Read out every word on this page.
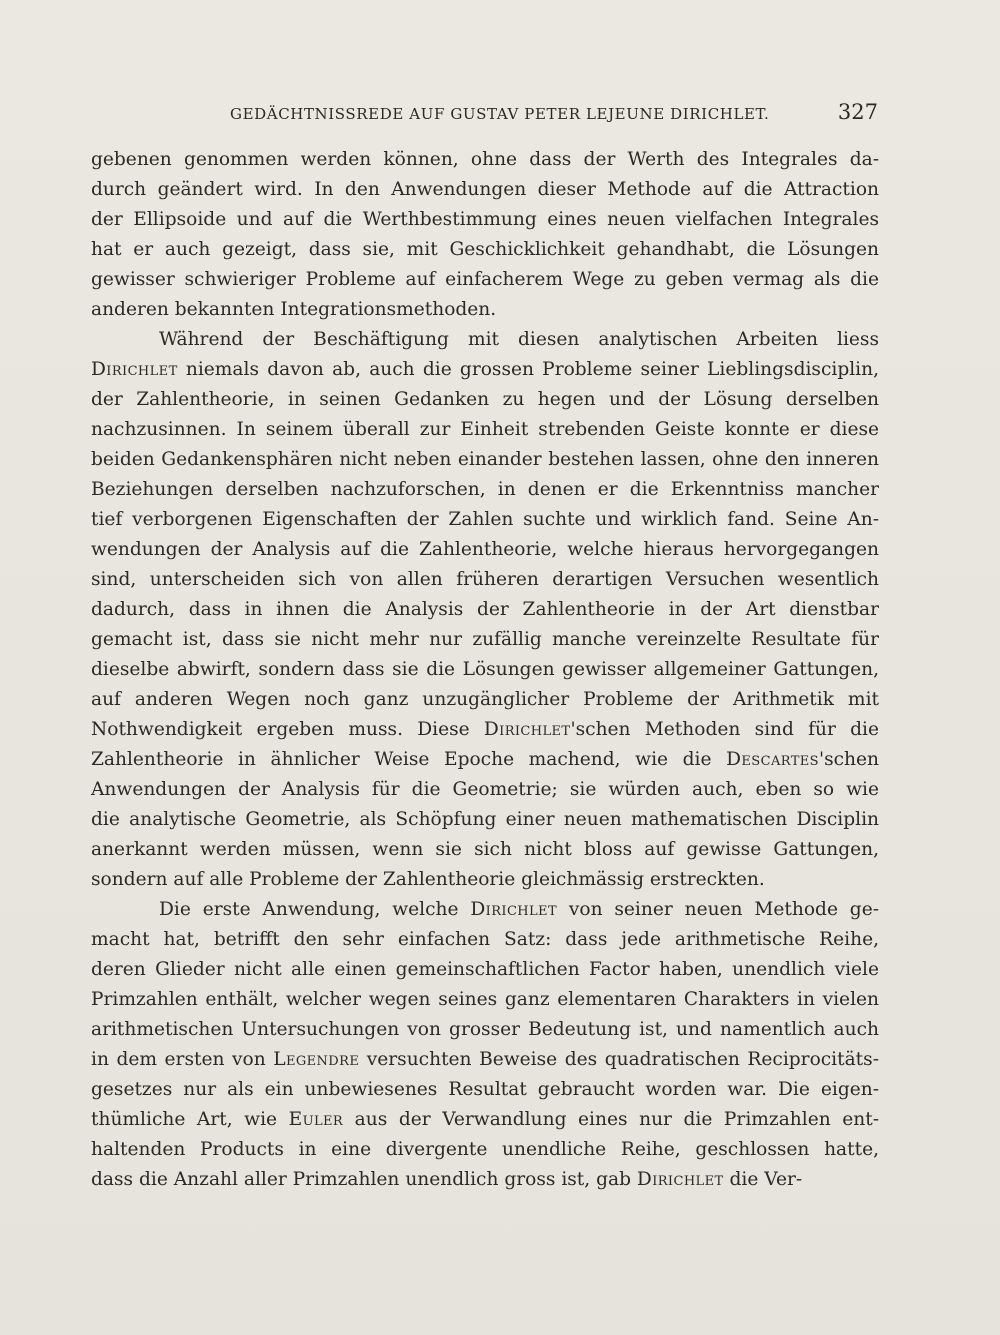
GEDÄCHTNISSREDE AUF GUSTAV PETER LEJEUNE DIRICHLET.	327
gebenen genommen werden können, ohne dass der Werth des Integrales da-
durch geändert wird. In den Anwendungen dieser Methode auf die Attraction
der Ellipsoide und auf die Werthbestimmung eines neuen vielfachen Integrales
hat er auch gezeigt, dass sie, mit Geschicklichkeit gehandhabt, die Lösungen
gewisser schwieriger Probleme auf einfacherem Wege zu geben vermag als die
anderen bekannten Integrationsmethoden.
Während der Beschäftigung mit diesen analytischen Arbeiten liess
Dirichlet niemals davon ab, auch die grossen Probleme seiner Lieblingsdisciplin,
der Zahlentheorie, in seinen Gedanken zu hegen und der Lösung derselben
nachzusinnen. In seinem überall zur Einheit strebenden Geiste konnte er diese
beiden Gedankensphären nicht neben einander bestehen lassen, ohne den inneren
Beziehungen derselben nachzuforschen, in denen er die Erkenntniss mancher
tief verborgenen Eigenschaften der Zahlen suchte und wirklich fand. Seine An-
wendungen der Analysis auf die Zahlentheorie, welche hieraus hervorgegangen
sind, unterscheiden sich von allen früheren derartigen Versuchen wesentlich
dadurch, dass in ihnen die Analysis der Zahlentheorie in der Art dienstbar
gemacht ist, dass sie nicht mehr nur zufällig manche vereinzelte Resultate für
dieselbe abwirft, sondern dass sie die Lösungen gewisser allgemeiner Gattungen,
auf anderen Wegen noch ganz unzugänglicher Probleme der Arithmetik mit
Nothwendigkeit ergeben muss. Diese Dirichlet'schen Methoden sind für die
Zahlentheorie in ähnlicher Weise Epoche machend, wie die Descartes'schen
Anwendungen der Analysis für die Geometrie; sie würden auch, eben so wie
die analytische Geometrie, als Schöpfung einer neuen mathematischen Disciplin
anerkannt werden müssen, wenn sie sich nicht bloss auf gewisse Gattungen,
sondern auf alle Probleme der Zahlentheorie gleichmässig erstreckten.
Die erste Anwendung, welche Dirichlet von seiner neuen Methode ge-
macht hat, betrifft den sehr einfachen Satz: dass jede arithmetische Reihe,
deren Glieder nicht alle einen gemeinschaftlichen Factor haben, unendlich viele
Primzahlen enthält, welcher wegen seines ganz elementaren Charakters in vielen
arithmetischen Untersuchungen von grosser Bedeutung ist, und namentlich auch
in dem ersten von Legendre versuchten Beweise des quadratischen Reciprocitäts-
gesetzes nur als ein unbewiesenes Resultat gebraucht worden war. Die eigen-
thümliche Art, wie Euler aus der Verwandlung eines nur die Primzahlen ent-
haltenden Products in eine divergente unendliche Reihe, geschlossen hatte,
dass die Anzahl aller Primzahlen unendlich gross ist, gab Dirichlet die Ver-
